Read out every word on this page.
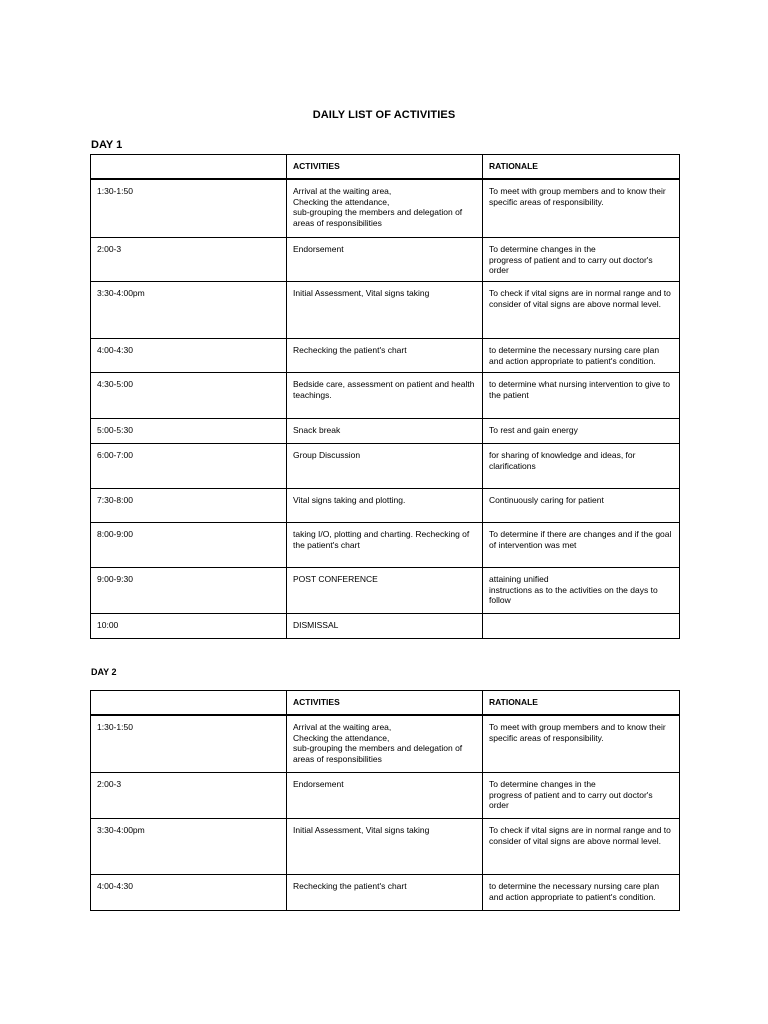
DAILY LIST OF ACTIVITIES
DAY 1
	ACTIVITIES	RATIONALE
1:30-1:50	Arrival at the waiting area,
Checking the attendance,
sub-grouping the members and delegation of areas of responsibilities	To meet with group members and to know their specific areas of responsibility.
2:00-3	Endorsement	To determine changes in the
progress of patient and to carry out doctor's order
3:30-4:00pm	Initial Assessment, Vital signs taking	To check if vital signs are in normal range and to consider of vital signs are above normal level.
4:00-4:30	Rechecking the patient's chart	to determine the necessary nursing care plan and action appropriate to patient's condition.
4:30-5:00	Bedside care, assessment on patient and health teachings.	to determine what nursing intervention to give to the patient
5:00-5:30	Snack break	To rest and gain energy
6:00-7:00	Group Discussion	for sharing of knowledge and ideas, for clarifications
7:30-8:00	Vital signs taking and plotting.	Continuously caring for patient
8:00-9:00	taking I/O, plotting and charting. Rechecking of the patient's chart	To determine if there are changes and if the goal of intervention was met
9:00-9:30	POST CONFERENCE	attaining unified
instructions as to the activities on the days to follow
10:00	DISMISSAL	
DAY 2
	ACTIVITIES	RATIONALE
1:30-1:50	Arrival at the waiting area,
Checking the attendance,
sub-grouping the members and delegation of areas of responsibilities	To meet with group members and to know their specific areas of responsibility.
2:00-3	Endorsement	To determine changes in the
progress of patient and to carry out doctor's order
3:30-4:00pm	Initial Assessment, Vital signs taking	To check if vital signs are in normal range and to consider of vital signs are above normal level.
4:00-4:30	Rechecking the patient's chart	to determine the necessary nursing care plan and action appropriate to patient's condition.
